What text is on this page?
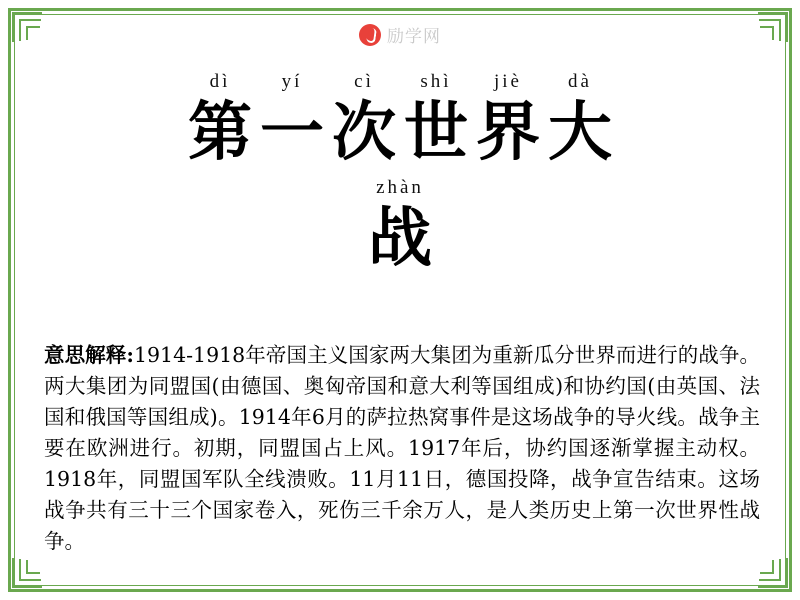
励学网
dì
第
yí
一
cì
次
shì
世
jiè
界
dà
大
zhàn
战
意思解释:1914-1918年帝国主义国家两大集团为重新瓜分世界而进行的战争。两大集团为同盟国(由德国、奥匈帝国和意大利等国组成)和协约国(由英国、法国和俄国等国组成)。1914年6月的萨拉热窝事件是这场战争的导火线。战争主要在欧洲进行。初期，同盟国占上风。1917年后，协约国逐渐掌握主动权。1918年，同盟国军队全线溃败。11月11日，德国投降，战争宣告结束。这场战争共有三十三个国家卷入，死伤三千余万人，是人类历史上第一次世界性战争。
